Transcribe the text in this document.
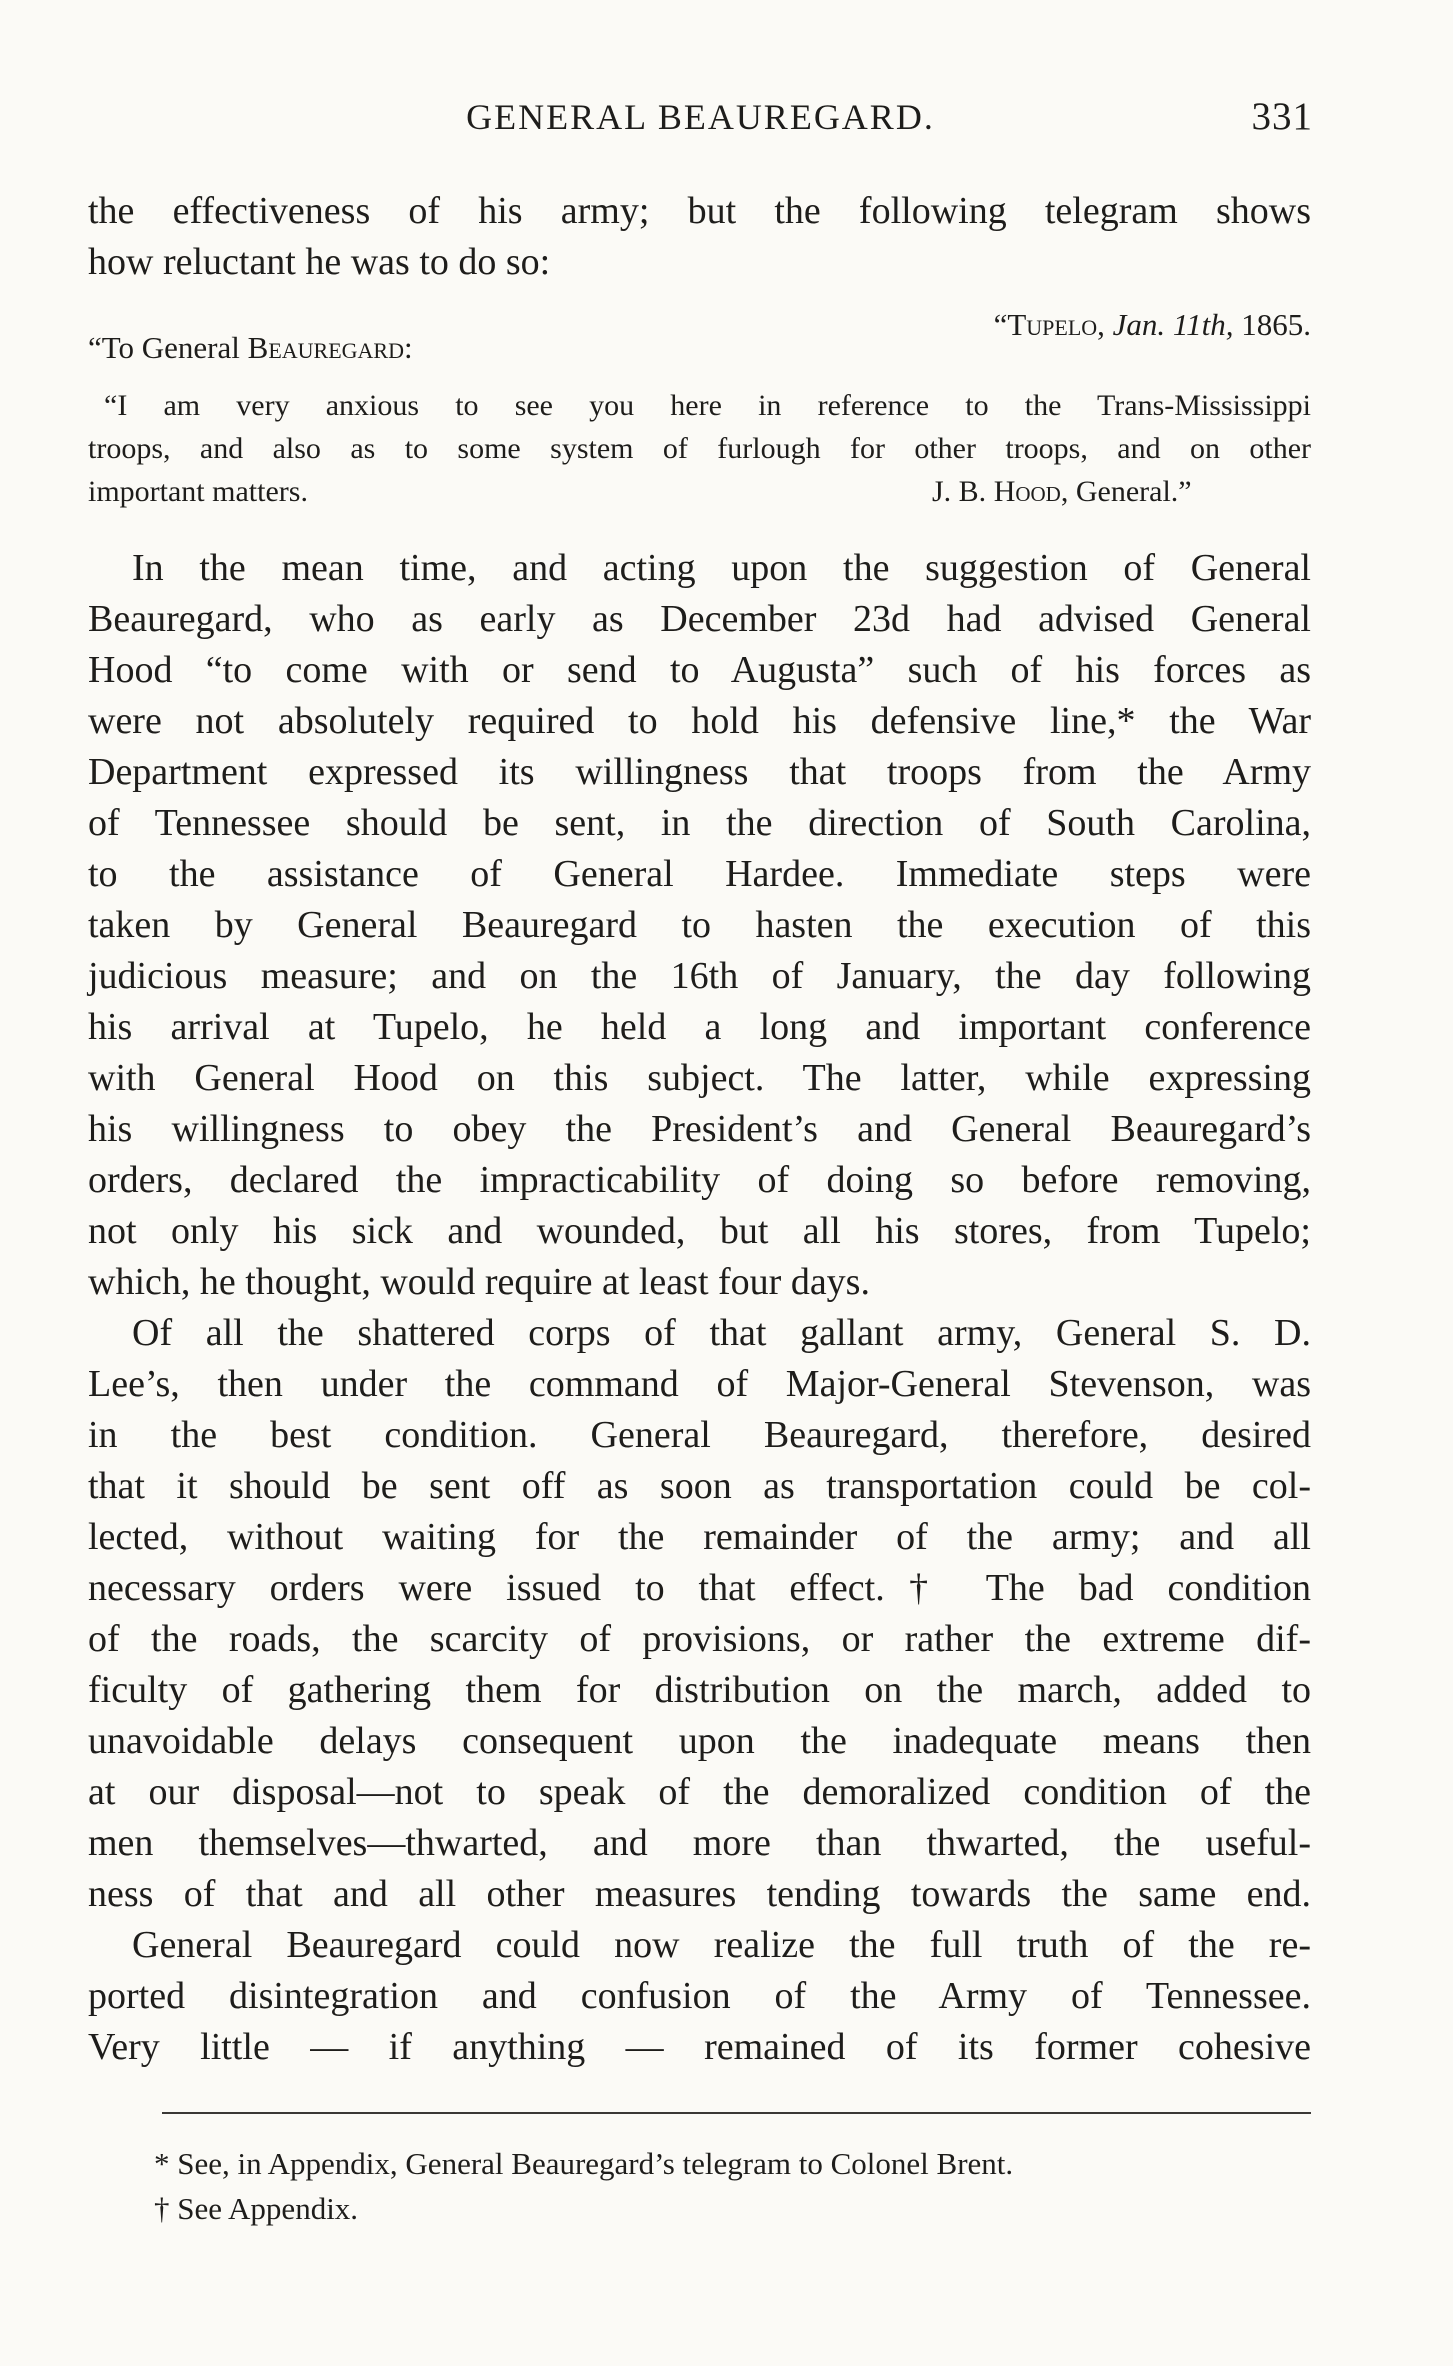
GENERAL BEAUREGARD.	331
the effectiveness of his army; but the following telegram shows
how reluctant he was to do so:
“Tupelo, Jan. 11th, 1865.
“To General Beauregard:
“I am very anxious to see you here in reference to the Trans-Mississippi
troops, and also as to some system of furlough for other troops, and on other
important matters.	J. B. Hood, General.”
In the mean time, and acting upon the suggestion of General
Beauregard, who as early as December 23d had advised General
Hood “to come with or send to Augusta” such of his forces as
were not absolutely required to hold his defensive line,* the War
Department expressed its willingness that troops from the Army
of Tennessee should be sent, in the direction of South Carolina,
to the assistance of General Hardee. Immediate steps were
taken by General Beauregard to hasten the execution of this
judicious measure; and on the 16th of January, the day following
his arrival at Tupelo, he held a long and important conference
with General Hood on this subject. The latter, while expressing
his willingness to obey the President’s and General Beauregard’s
orders, declared the impracticability of doing so before removing,
not only his sick and wounded, but all his stores, from Tupelo;
which, he thought, would require at least four days.
Of all the shattered corps of that gallant army, General S. D.
Lee’s, then under the command of Major-General Stevenson, was
in the best condition. General Beauregard, therefore, desired
that it should be sent off as soon as transportation could be col-
lected, without waiting for the remainder of the army; and all
necessary orders were issued to that effect.† The bad condition
of the roads, the scarcity of provisions, or rather the extreme dif-
ficulty of gathering them for distribution on the march, added to
unavoidable delays consequent upon the inadequate means then
at our disposal—not to speak of the demoralized condition of the
men themselves—thwarted, and more than thwarted, the useful-
ness of that and all other measures tending towards the same end.
General Beauregard could now realize the full truth of the re-
ported disintegration and confusion of the Army of Tennessee.
Very little — if anything — remained of its former cohesive
* See, in Appendix, General Beauregard’s telegram to Colonel Brent.
† See Appendix.
